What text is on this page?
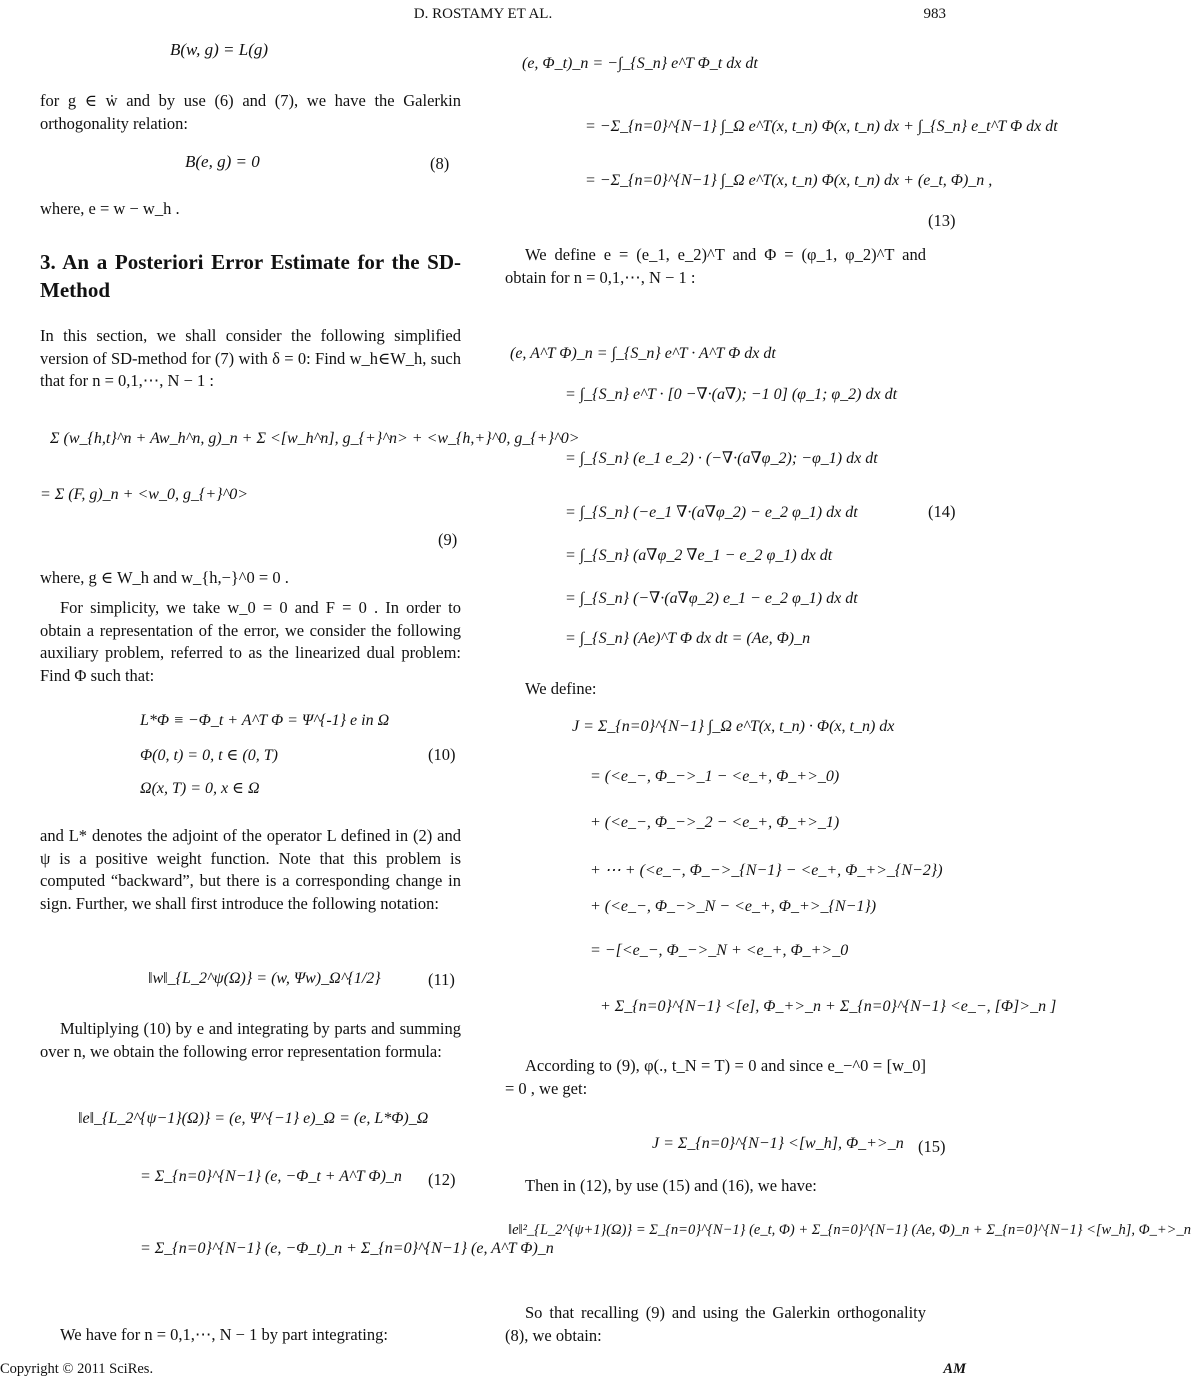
D. ROSTAMY ET AL.	983
B(w, g) = L(g)

for g ∈ ẇ and by use (6) and (7), we have the Galerkin orthogonality relation:

B(e, g) = 0	(8)

where, e = w − w_h .

3. An a Posteriori Error Estimate for the SD-Method

In this section, we shall consider the following simplified version of SD-method for (7) with δ = 0: Find w_h∈W_h, such that for n = 0,1,⋯, N − 1 :

Σ (w_{h,t}^n + Aw_h^n, g)_n + Σ <[w_h^n], g_{+}^n> + <w_{h,+}^0, g_{+}^0>
= Σ (F, g)_n + <w_0, g_{+}^0>
(9)

where, g ∈ W_h and w_{h,−}^0 = 0 .

For simplicity, we take w_0 = 0 and F = 0 . In order to obtain a representation of the error, we consider the following auxiliary problem, referred to as the linearized dual problem: Find Φ such that:

L*Φ ≡ −Φ_t + A^T Φ = Ψ^{-1} e in Ω
Φ(0, t) = 0, t ∈ (0, T)
Ω(x, T) = 0, x ∈ Ω
(10)

and L* denotes the adjoint of the operator L defined in (2) and ψ is a positive weight function. Note that this problem is computed “backward”, but there is a corresponding change in sign. Further, we shall first introduce the following notation:

‖w‖_{L_2^ψ(Ω)} = (w, Ψw)_Ω^{1/2}	(11)

Multiplying (10) by e and integrating by parts and summing over n, we obtain the following error representation formula:

‖e‖_{L_2^{ψ−1}(Ω)} = (e, Ψ^{−1} e)_Ω = (e, L*Φ)_Ω
= Σ_{n=0}^{N−1} (e, −Φ_t + A^T Φ)_n
= Σ_{n=0}^{N−1} (e, −Φ_t)_n + Σ_{n=0}^{N−1} (e, A^T Φ)_n
(12)

We have for n = 0,1,⋯, N − 1 by part integrating:

(e, Φ_t)_n = −∫_{S_n} e^T Φ_t dx dt
= −Σ_{n=0}^{N−1} ∫_Ω e^T(x, t_n) Φ(x, t_n) dx + ∫_{S_n} e_t^T Φ dx dt
= −Σ_{n=0}^{N−1} ∫_Ω e^T(x, t_n) Φ(x, t_n) dx + (e_t, Φ)_n ,
(13)

We define e = (e_1, e_2)^T and Φ = (φ_1, φ_2)^T and obtain for n = 0,1,⋯, N − 1 :

(e, A^T Φ)_n = ∫_{S_n} e^T · A^T Φ dx dt
= ∫_{S_n} e^T · [0 −∇·(a∇); −1 0] (φ_1; φ_2) dx dt
= ∫_{S_n} (e_1 e_2) · (−∇·(a∇φ_2); −φ_1) dx dt
= ∫_{S_n} (−e_1 ∇·(a∇φ_2) − e_2 φ_1) dx dt
= ∫_{S_n} (a∇φ_2 ∇e_1 − e_2 φ_1) dx dt
= ∫_{S_n} (−∇·(a∇φ_2) e_1 − e_2 φ_1) dx dt
= ∫_{S_n} (Ae)^T Φ dx dt = (Ae, Φ)_n
(14)

We define:

J = Σ_{n=0}^{N−1} ∫_Ω e^T(x, t_n) · Φ(x, t_n) dx
= (<e_−, Φ_−>_1 − <e_+, Φ_+>_0)
+ (<e_−, Φ_−>_2 − <e_+, Φ_+>_1)
+ ⋯ + (<e_−, Φ_−>_{N−1} − <e_+, Φ_+>_{N−2})
+ (<e_−, Φ_−>_N − <e_+, Φ_+>_{N−1})
= −[<e_−, Φ_−>_N + <e_+, Φ_+>_0
+ Σ_{n=0}^{N−1} <[e], Φ_+>_n + Σ_{n=0}^{N−1} <e_−, [Φ]>_n ]

According to (9), φ(., t_N = T) = 0 and since e_−^0 = [w_0] = 0 , we get:

J = Σ_{n=0}^{N−1} <[w_h], Φ_+>_n (15)

Then in (12), by use (15) and (16), we have:

‖e‖²_{L_2^{ψ+1}(Ω)} = Σ_{n=0}^{N−1} (e_t, Φ) + Σ_{n=0}^{N−1} (Ae, Φ)_n + Σ_{n=0}^{N−1} <[w_h], Φ_+>_n

So that recalling (9) and using the Galerkin orthogonality (8), we obtain:

Copyright © 2011 SciRes.	AM
